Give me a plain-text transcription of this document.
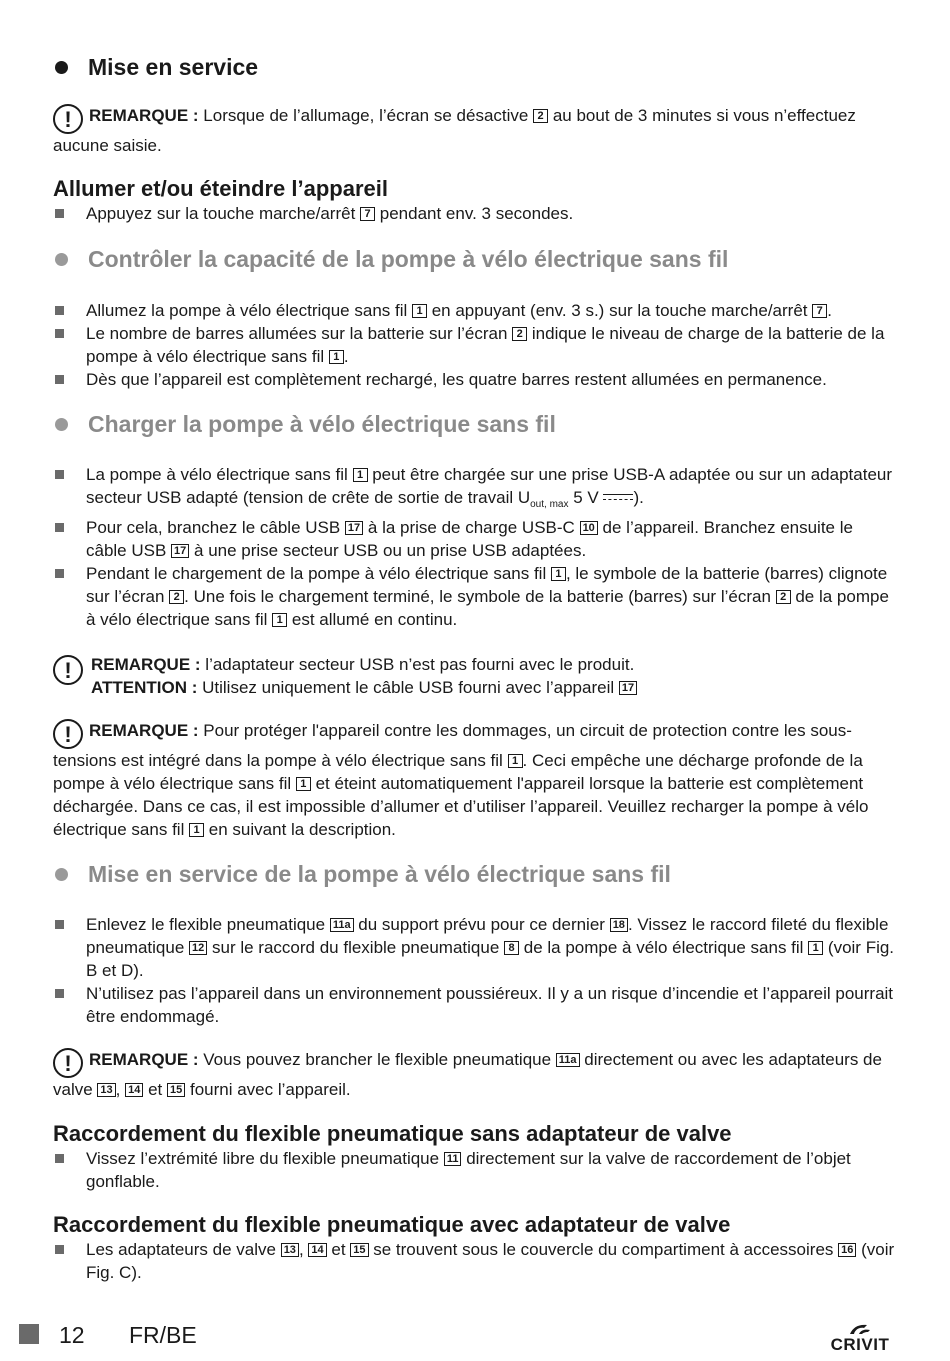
Mise en service

! REMARQUE : Lorsque de l’allumage, l’écran se désactive 2 au bout de 3 minutes si vous n’effectuez aucune saisie.

Allumer et/ou éteindre l’appareil
Appuyez sur la touche marche/arrêt 7 pendant env. 3 secondes.
Contrôler la capacité de la pompe à vélo électrique sans fil
Allumez la pompe à vélo électrique sans fil 1 en appuyant (env. 3 s.) sur la touche marche/arrêt 7 .
Le nombre de barres allumées sur la batterie sur l’écran 2 indique le niveau de charge de la batterie de la pompe à vélo électrique sans fil 1 .
Dès que l’appareil est complètement rechargé, les quatre barres restent allumées en permanence.
Charger la pompe à vélo électrique sans fil
La pompe à vélo électrique sans fil 1 peut être chargée sur une prise USB-A adaptée ou sur un adaptateur secteur USB adapté (tension de crête de sortie de travail $U_{out, max}$ 5 V ).
Pour cela, branchez le câble USB 17 à la prise de charge USB-C 10 de l’appareil. Branchez ensuite le câble USB 17 à une prise secteur USB ou un prise USB adaptées.
Pendant le chargement de la pompe à vélo électrique sans fil 1 , le symbole de la batterie (barres) clignote sur l’écran 2 . Une fois le chargement terminé, le symbole de la batterie (barres) sur l’écran 2 de la pompe à vélo électrique sans fil 1 est allumé en continu.
!	REMARQUE : l’adaptateur secteur USB n’est pas fourni avec le produit.
ATTENTION : Utilisez uniquement le câble USB fourni avec l’appareil 17

! REMARQUE : Pour protéger l'appareil contre les dommages, un circuit de protection contre les sous-tensions est intégré dans la pompe à vélo électrique sans fil 1 . Ceci empêche une décharge profonde de la pompe à vélo électrique sans fil 1 et éteint automatiquement l'appareil lorsque la batterie est complètement déchargée. Dans ce cas, il est impossible d’allumer et d’utiliser l’appareil. Veuillez recharger la pompe à vélo électrique sans fil 1 en suivant la description.

Mise en service de la pompe à vélo électrique sans fil
Enlevez le flexible pneumatique 11a du support prévu pour ce dernier 18 . Vissez le raccord fileté du flexible pneumatique 12 sur le raccord du flexible pneumatique 8 de la pompe à vélo électrique sans fil 1 (voir Fig. B et D).
N’utilisez pas l’appareil dans un environnement poussiéreux. Il y a un risque d’incendie et l’appareil pourrait être endommagé.

! REMARQUE : Vous pouvez brancher le flexible pneumatique 11a directement ou avec les adaptateurs de valve 13 , 14 et 15 fourni avec l’appareil.

Raccordement du flexible pneumatique sans adaptateur de valve
Vissez l’extrémité libre du flexible pneumatique 11 directement sur la valve de raccordement de l’objet gonflable.
Raccordement du flexible pneumatique avec adaptateur de valve
Les adaptateurs de valve 13 , 14 et 15 se trouvent sous le couvercle du compartiment à accessoires 16 (voir Fig. C).
12 FR/BE	CRIVIT
